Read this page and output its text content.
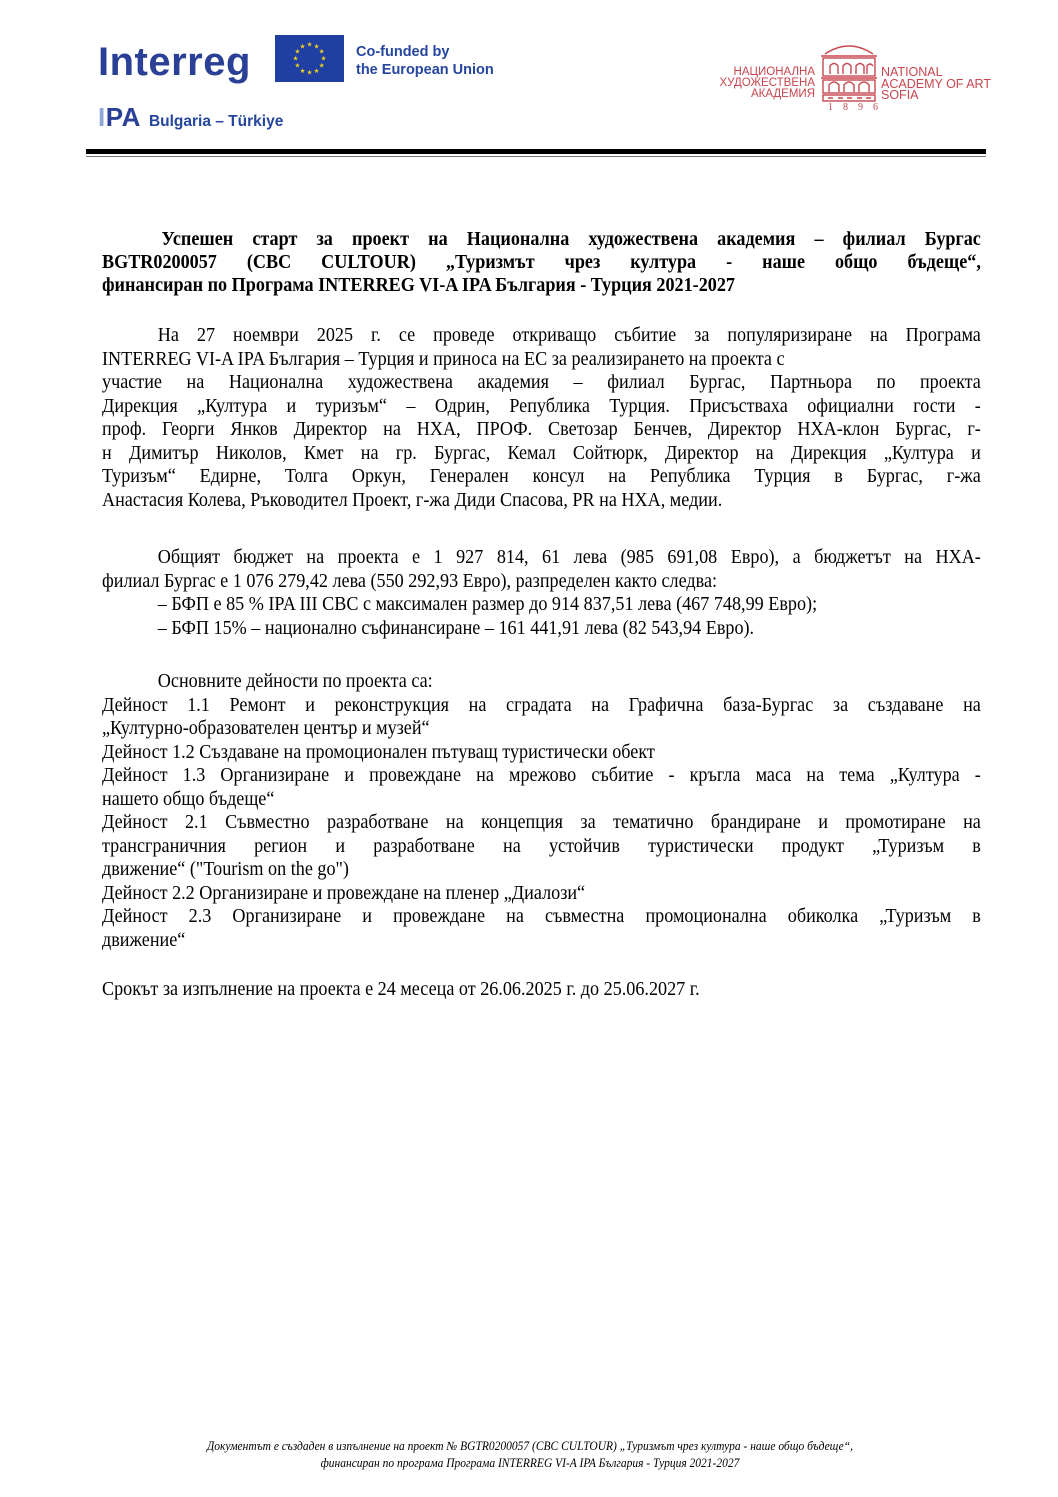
Interreg	★ ★
★
★
★
★
★
★
★
★
★
★	Co-funded by
the European Union
IPA Bulgaria – Türkiye
НАЦИОНАЛНА
ХУДОЖЕСТВЕНА
АКАДЕМИЯ
NATIONAL
ACADEMY OF ART
SOFIA
1896

Успешен старт за проект на Национална художествена академия – филиал Бургас

BGTR0200057 (CBC CULTOUR) „Туризмът чрез култура - наше общо бъдеще“,

финансиран по Програма INTERREG VI-A IPA България - Турция 2021-2027

На 27 ноември 2025 г. се проведе откриващо събитие за популяризиране на Програма
INTERREG VI-A IPA България – Турция и приноса на ЕС за реализирането на проекта с
участие на Национална художествена академия – филиал Бургас, Партньора по проекта
Дирекция „Култура и туризъм“ – Одрин, Република Турция. Присъстваха официални гости -
проф. Георги Янков Директор на НХА, ПРОФ. Светозар Бенчев, Директор НХА-клон Бургас, г-
н Димитър Николов, Кмет на гр. Бургас, Кемал Сойтюрк, Директор на Дирекция „Култура и
Туризъм“ Едирне, Толга Оркун, Генерален консул на Република Турция в Бургас, г-жа
Анастасия Колева, Ръководител Проект, г-жа Диди Спасова, PR на НХА, медии.
Общият бюджет на проекта е 1 927 814, 61 лева (985 691,08 Евро), а бюджетът на НХА-
филиал Бургас е 1 076 279,42 лева (550 292,93 Евро), разпределен както следва:
– БФП е 85 % IPA III CBC с максимален размер до 914 837,51 лева (467 748,99 Евро);
– БФП 15% – национално съфинансиране – 161 441,91 лева (82 543,94 Евро).
Основните дейности по проекта са:
Дейност 1.1 Ремонт и реконструкция на сградата на Графична база-Бургас за създаване на
„Културно-образователен център и музей“
Дейност 1.2 Създаване на промоционален пътуващ туристически обект
Дейност 1.3 Организиране и провеждане на мрежово събитие - кръгла маса на тема „Култура -
нашето общо бъдеще“
Дейност 2.1 Съвместно разработване на концепция за тематично брандиране и промотиране на
трансграничния регион и разработване на устойчив туристически продукт „Туризъм в
движение“ ("Tourism on the go")
Дейност 2.2 Организиране и провеждане на пленер „Диалози“
Дейност 2.3 Организиране и провеждане на съвместна промоционална обиколка „Туризъм в
движение“
Срокът за изпълнение на проекта е 24 месеца от 26.06.2025 г. до 25.06.2027 г.
Документът е създаден в изпълнение на проект № BGTR0200057 (CBC CULTOUR) „Туризмът чрез култура - наше общо бъдеще“,
финансиран по програма Програма INTERREG VI-A IPA България - Турция 2021-2027
